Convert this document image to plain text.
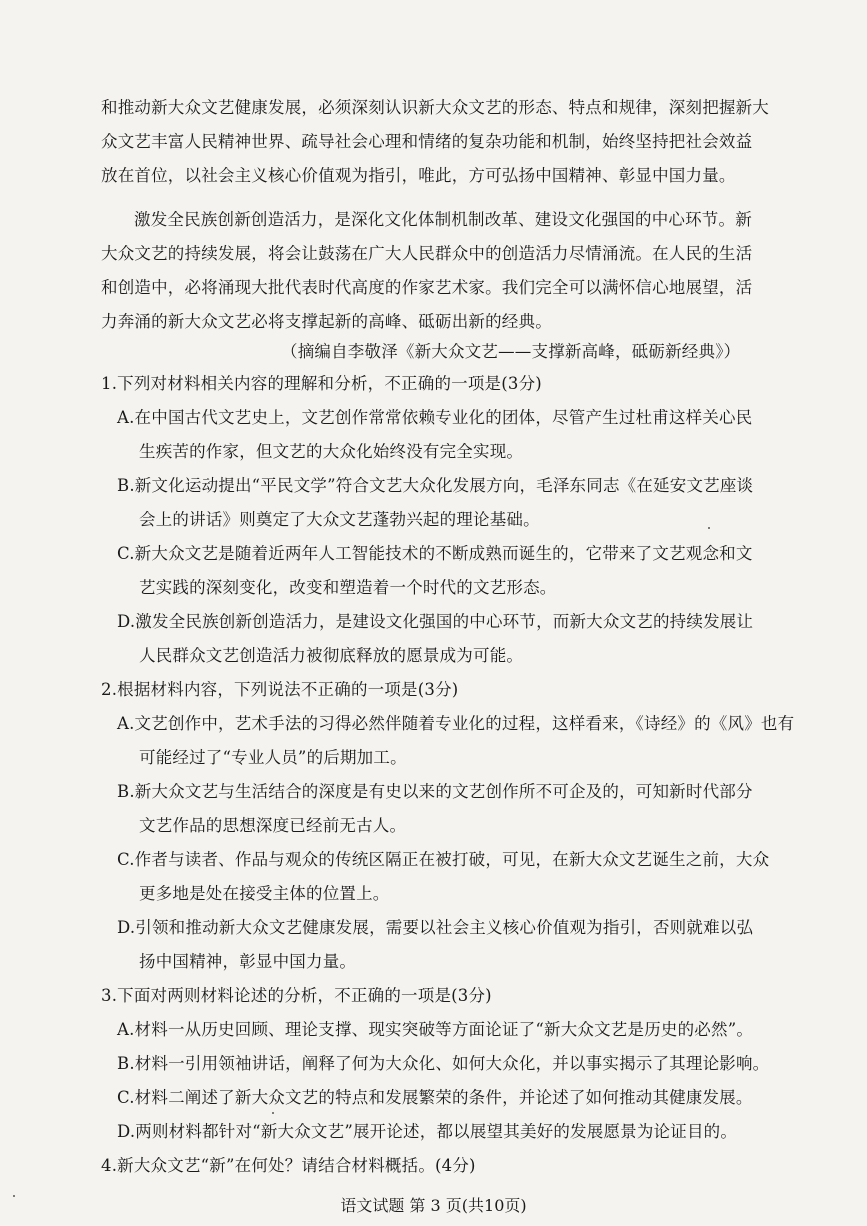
和推动新大众文艺健康发展，必须深刻认识新大众文艺的形态、特点和规律，深刻把握新大
众文艺丰富人民精神世界、疏导社会心理和情绪的复杂功能和机制，始终坚持把社会效益
放在首位，以社会主义核心价值观为指引，唯此，方可弘扬中国精神、彰显中国力量。
激发全民族创新创造活力，是深化文化体制机制改革、建设文化强国的中心环节。新
大众文艺的持续发展，将会让鼓荡在广大人民群众中的创造活力尽情涌流。在人民的生活
和创造中，必将涌现大批代表时代高度的作家艺术家。我们完全可以满怀信心地展望，活
力奔涌的新大众文艺必将支撑起新的高峰、砥砺出新的经典。
（摘编自李敬泽《新大众文艺——支撑新高峰，砥砺新经典》）
1.下列对材料相关内容的理解和分析，不正确的一项是(3分)
A.在中国古代文艺史上，文艺创作常常依赖专业化的团体，尽管产生过杜甫这样关心民
生疾苦的作家，但文艺的大众化始终没有完全实现。
B.新文化运动提出“平民文学”符合文艺大众化发展方向，毛泽东同志《在延安文艺座谈
会上的讲话》则奠定了大众文艺蓬勃兴起的理论基础。
C.新大众文艺是随着近两年人工智能技术的不断成熟而诞生的，它带来了文艺观念和文
艺实践的深刻变化，改变和塑造着一个时代的文艺形态。
D.激发全民族创新创造活力，是建设文化强国的中心环节，而新大众文艺的持续发展让
人民群众文艺创造活力被彻底释放的愿景成为可能。
2.根据材料内容，下列说法不正确的一项是(3分)
A.文艺创作中，艺术手法的习得必然伴随着专业化的过程，这样看来，《诗经》的《风》也有
可能经过了“专业人员”的后期加工。
B.新大众文艺与生活结合的深度是有史以来的文艺创作所不可企及的，可知新时代部分
文艺作品的思想深度已经前无古人。
C.作者与读者、作品与观众的传统区隔正在被打破，可见，在新大众文艺诞生之前，大众
更多地是处在接受主体的位置上。
D.引领和推动新大众文艺健康发展，需要以社会主义核心价值观为指引，否则就难以弘
扬中国精神，彰显中国力量。
3.下面对两则材料论述的分析，不正确的一项是(3分)
A.材料一从历史回顾、理论支撑、现实突破等方面论证了“新大众文艺是历史的必然”。
B.材料一引用领袖讲话，阐释了何为大众化、如何大众化，并以事实揭示了其理论影响。
C.材料二阐述了新大众文艺的特点和发展繁荣的条件，并论述了如何推动其健康发展。
D.两则材料都针对“新大众文艺”展开论述，都以展望其美好的发展愿景为论证目的。
4.新大众文艺“新”在何处？请结合材料概括。(4分)
语文试题 第 3 页(共10页)
